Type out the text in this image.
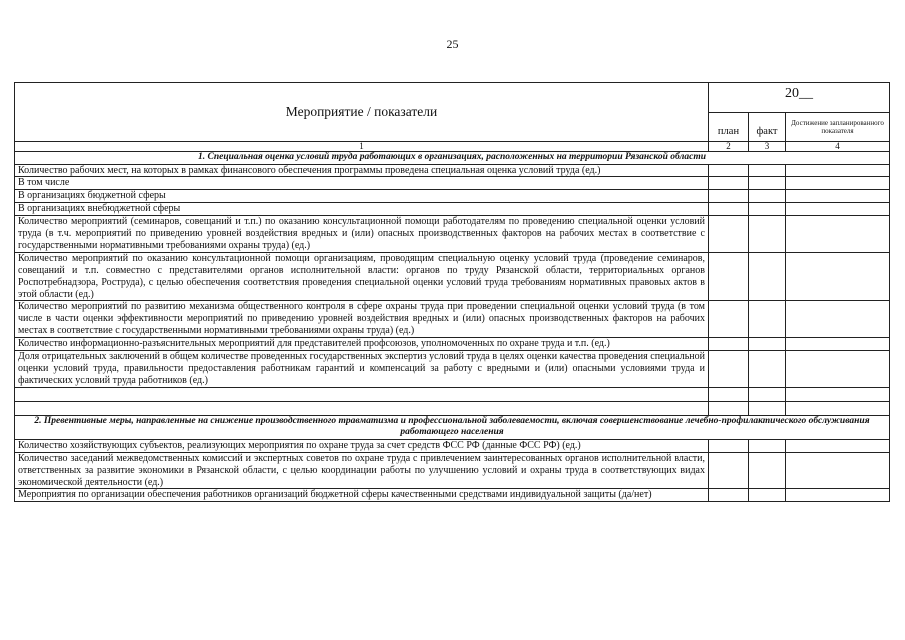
25
Мероприятие / показатели	20__		
	план	факт	Достижение запланированного показателя
1	2	3	4
1. Специальная оценка условий труда работающих в организациях, расположенных на территории Рязанской области			
Количество рабочих мест, на которых в рамках финансового обеспечения программы проведена специальная оценка условий труда (ед.)			
В том числе			
В организациях бюджетной сферы			
В организациях внебюджетной сферы			
Количество мероприятий (семинаров, совещаний и т.п.) по оказанию консультационной помощи работодателям по проведению специальной оценки условий труда (в т.ч. мероприятий по приведению уровней воздействия вредных и (или) опасных производственных факторов на рабочих местах в соответствие с государственными нормативными требованиями охраны труда) (ед.)			
Количество мероприятий по оказанию консультационной помощи организациям, проводящим специальную оценку условий труда (проведение семинаров, совещаний и т.п. совместно с представителями органов исполнительной власти: органов по труду Рязанской области, территориальных органов Роспотребнадзора, Роструда), с целью обеспечения соответствия проведения специальной оценки условий труда требованиям нормативных правовых актов в этой области (ед.)			
Количество мероприятий по развитию механизма общественного контроля в сфере охраны труда при проведении специальной оценки условий труда (в том числе в части оценки эффективности мероприятий по приведению уровней воздействия вредных и (или) опасных производственных факторов на рабочих местах в соответствие с государственными нормативными требованиями охраны труда) (ед.)			
Количество информационно-разъяснительных мероприятий для представителей профсоюзов, уполномоченных по охране труда и т.п. (ед.)			
Доля отрицательных заключений в общем количестве проведенных государственных экспертиз условий труда в целях оценки качества проведения специальной оценки условий труда, правильности предоставления работникам гарантий и компенсаций за работу с вредными и (или) опасными условиями труда и фактических условий труда работников (ед.)			

2. Превентивные меры, направленные на снижение производственного травматизма и профессиональной заболеваемости, включая совершенствование лечебно-профилактического обслуживания работающего населения			
Количество хозяйствующих субъектов, реализующих мероприятия по охране труда за счет средств ФСС РФ (данные ФСС РФ) (ед.)			
Количество заседаний межведомственных комиссий и экспертных советов по охране труда с привлечением заинтересованных органов исполнительной власти, ответственных за развитие экономики в Рязанской области, с целью координации работы по улучшению условий и охраны труда в соответствующих видах экономической деятельности (ед.)			
Мероприятия по организации обеспечения работников организаций бюджетной сферы качественными средствами индивидуальной защиты (да/нет)			
